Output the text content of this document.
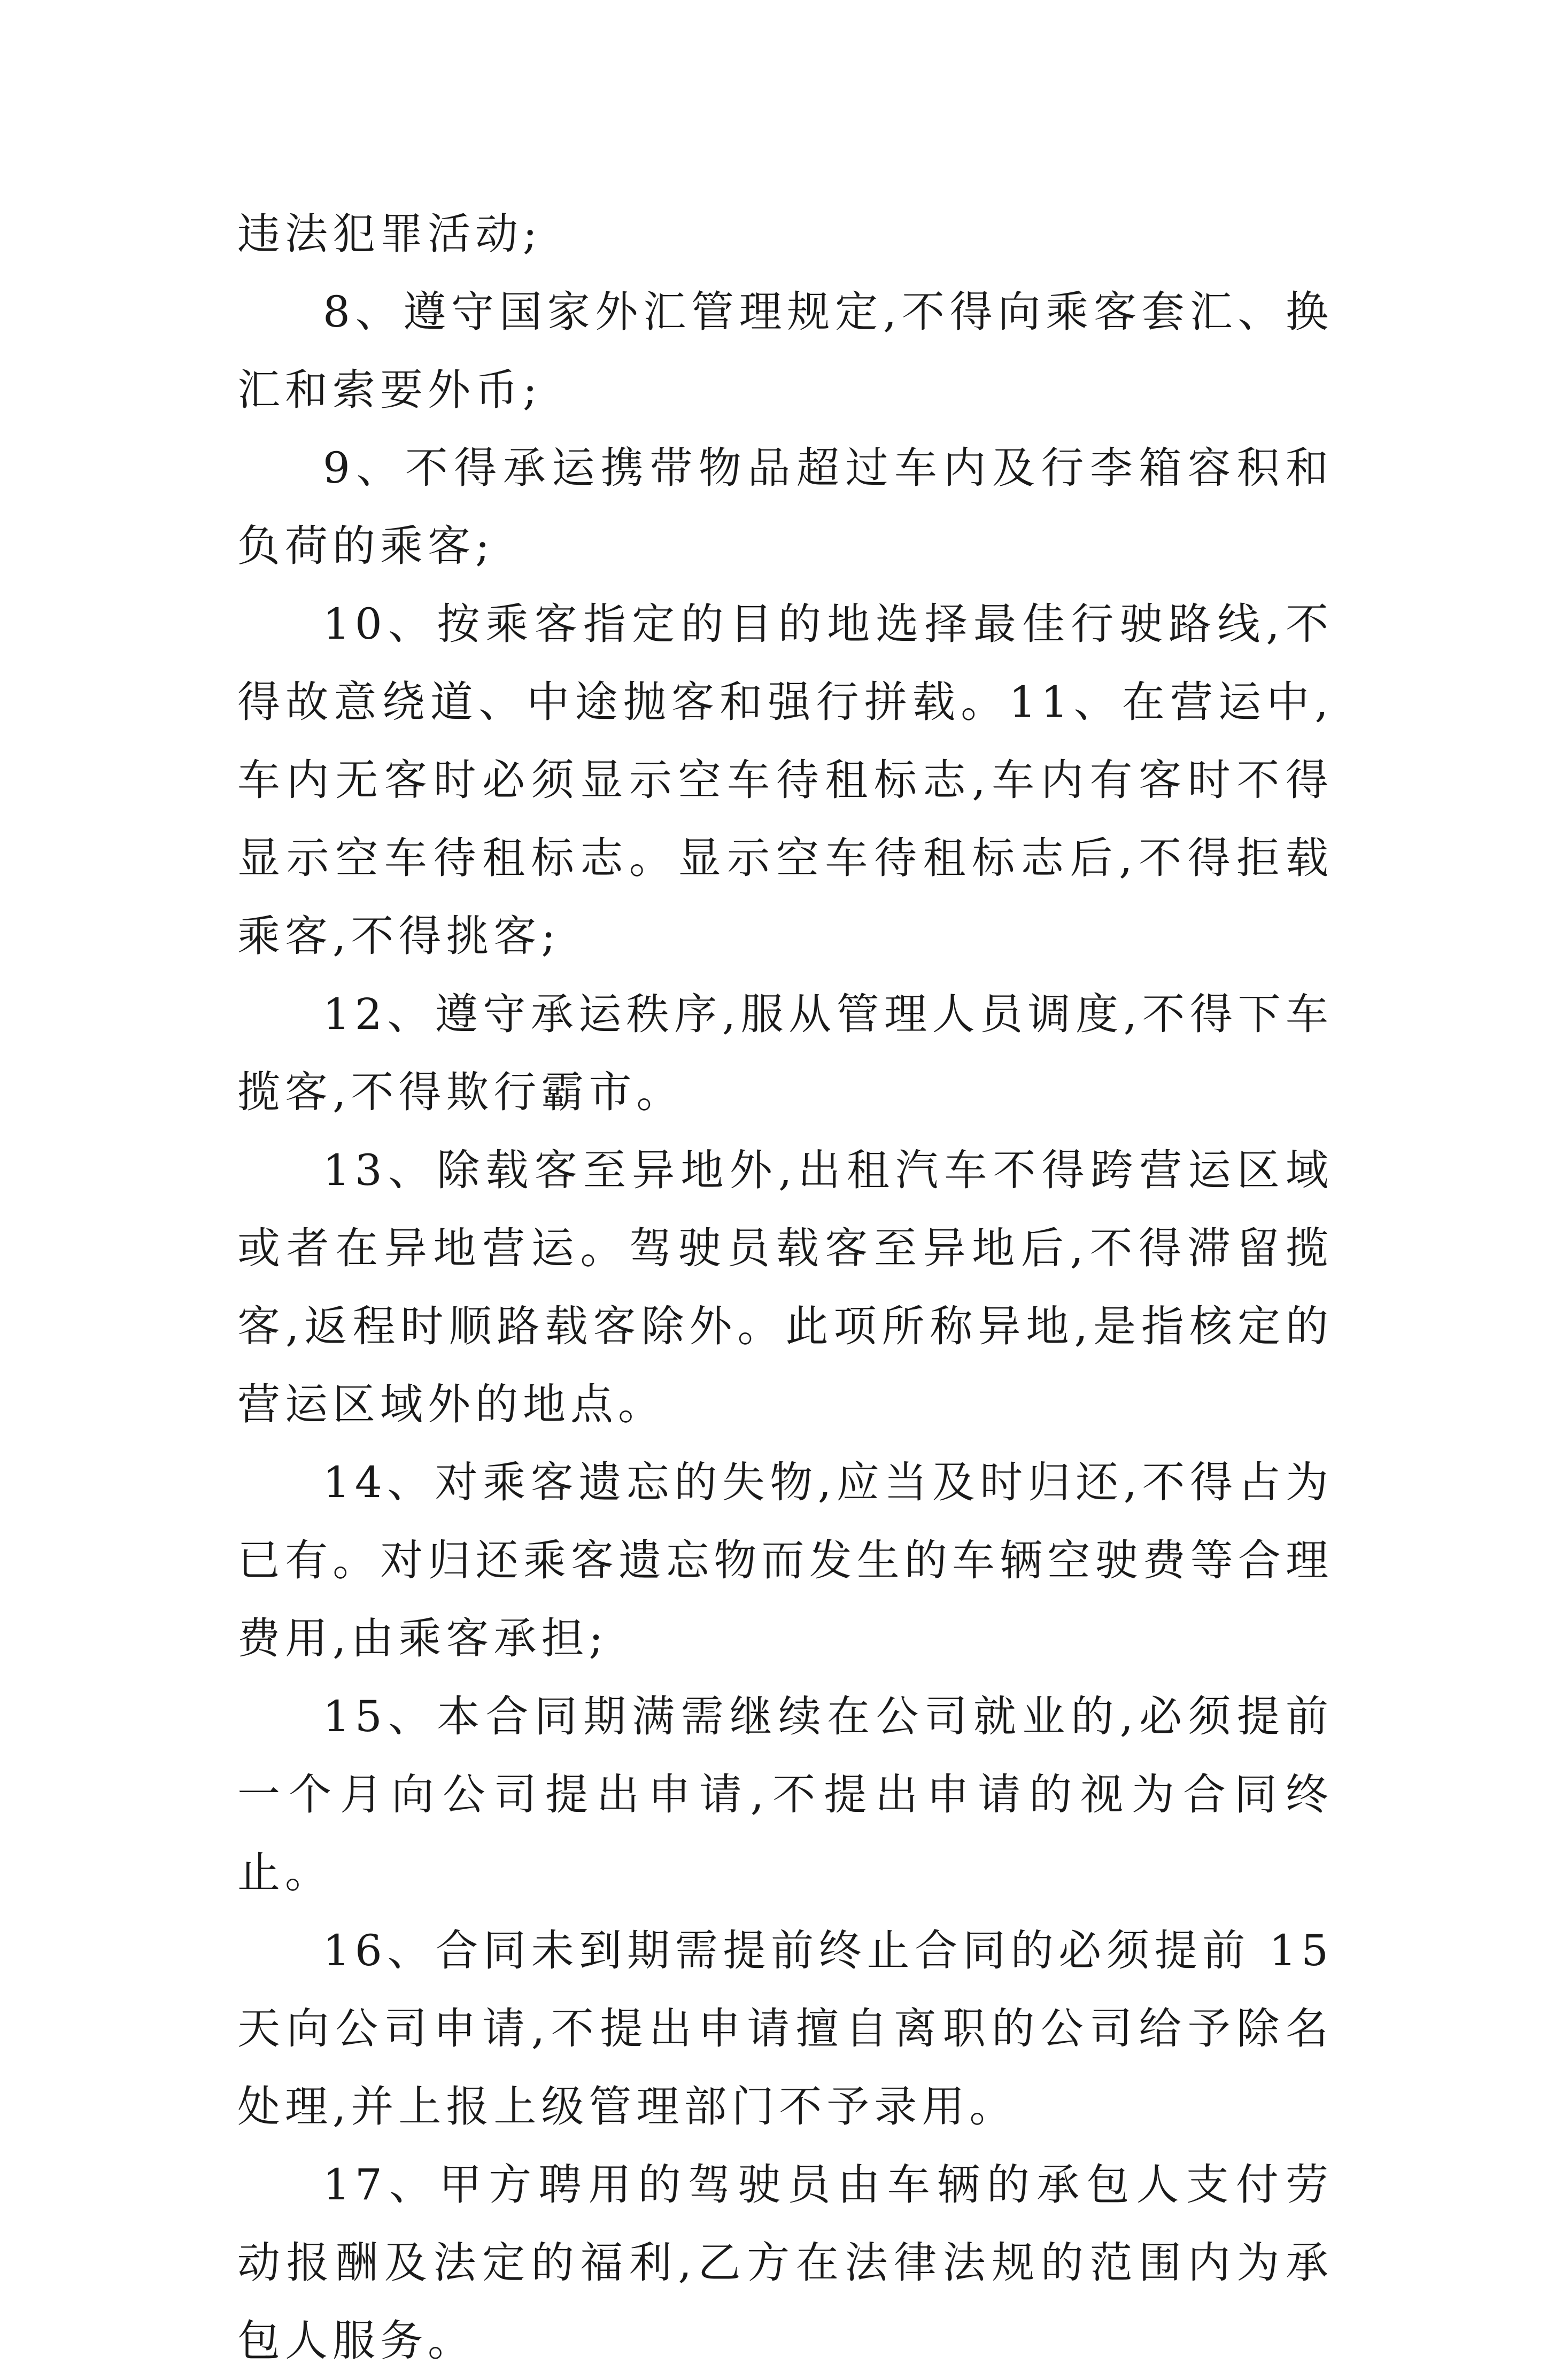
违法犯罪活动;

8、遵守国家外汇管理规定,不得向乘客套汇、换汇和索要外币;

9、不得承运携带物品超过车内及行李箱容积和负荷的乘客;

10、按乘客指定的目的地选择最佳行驶路线,不得故意绕道、中途抛客和强行拼载。11、在营运中,车内无客时必须显示空车待租标志,车内有客时不得显示空车待租标志。显示空车待租标志后,不得拒载乘客,不得挑客;

12、遵守承运秩序,服从管理人员调度,不得下车揽客,不得欺行霸市。

13、除载客至异地外,出租汽车不得跨营运区域或者在异地营运。驾驶员载客至异地后,不得滞留揽客,返程时顺路载客除外。此项所称异地,是指核定的营运区域外的地点。

14、对乘客遗忘的失物,应当及时归还,不得占为已有。对归还乘客遗忘物而发生的车辆空驶费等合理费用,由乘客承担;

15、本合同期满需继续在公司就业的,必须提前一个月向公司提出申请,不提出申请的视为合同终止。

16、合同未到期需提前终止合同的必须提前 15 天向公司申请,不提出申请擅自离职的公司给予除名处理,并上报上级管理部门不予录用。

17、甲方聘用的驾驶员由车辆的承包人支付劳动报酬及法定的福利,乙方在法律法规的范围内为承包人服务。
